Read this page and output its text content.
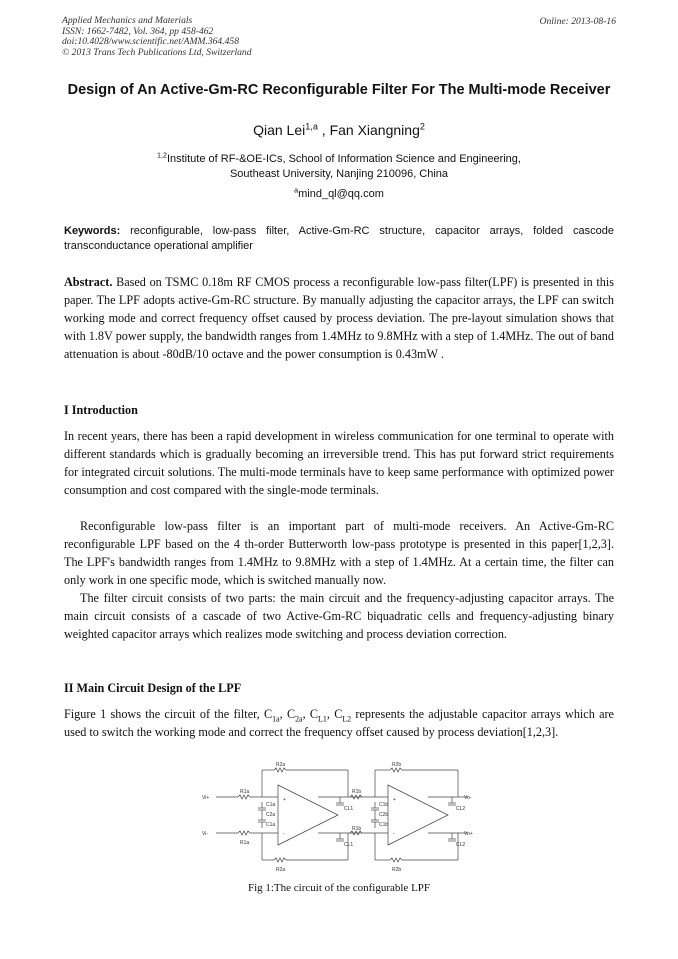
Applied Mechanics and Materials
ISSN: 1662-7482, Vol. 364, pp 458-462
doi:10.4028/www.scientific.net/AMM.364.458
© 2013 Trans Tech Publications Ltd, Switzerland
Online: 2013-08-16
Design of An Active-Gm-RC Reconfigurable Filter For The Multi-mode Receiver
Qian Lei$^{1,a}$ , Fan Xiangning$^2$
$^{1,2}$Institute of RF-&OE-ICs, School of Information Science and Engineering,
Southeast University, Nanjing 210096, China
$^a$mind_ql@qq.com
Keywords: reconfigurable, low-pass filter, Active-Gm-RC structure, capacitor arrays, folded cascode transconductance operational amplifier
Abstract. Based on TSMC 0.18m RF CMOS process a reconfigurable low-pass filter(LPF) is presented in this paper. The LPF adopts active-Gm-RC structure. By manually adjusting the capacitor arrays, the LPF can switch working mode and correct frequency offset caused by process deviation. The pre-layout simulation shows that with 1.8V power supply, the bandwidth ranges from 1.4MHz to 9.8MHz with a step of 1.4MHz. The out of band attenuation is about -80dB/10 octave and the power consumption is 0.43mW .
I Introduction
In recent years, there has been a rapid development in wireless communication for one terminal to operate with different standards which is gradually becoming an irreversible trend. This has put forward strict requirements for integrated circuit solutions. The multi-mode terminals have to keep same performance with optimized power consumption and cost compared with the single-mode terminals.
Reconfigurable low-pass filter is an important part of multi-mode receivers. An Active-Gm-RC reconfigurable LPF based on the 4 th-order Butterworth low-pass prototype is presented in this paper[1,2,3]. The LPF's bandwidth ranges from 1.4MHz to 9.8MHz with a step of 1.4MHz. At a certain time, the filter can only work in one specific mode, which is switched manually now.
The filter circuit consists of two parts: the main circuit and the frequency-adjusting capacitor arrays. The main circuit consists of a cascade of two Active-Gm-RC biquadratic cells and frequency-adjusting binary weighted capacitor arrays which realizes mode switching and process deviation correction.
II Main Circuit Design of the LPF
Figure 1 shows the circuit of the filter, $C_{1a}$, $C_{2a}$, $C_{L1}$, $C_{L2}$ represents the adjustable capacitor arrays which are used to switch the working mode and correct the frequency offset caused by process deviation[1,2,3].
Vi+
Vi-
R1a
R1a
R2a
R2a
C1a
C1a
C2a
+
-
CL1
CL1
R1b
R1b
R2b
R2b
C1b
C1b
C2b
+
-
CL2
CL2
Vo-
Vo+
Fig 1:The circuit of the configurable LPF
